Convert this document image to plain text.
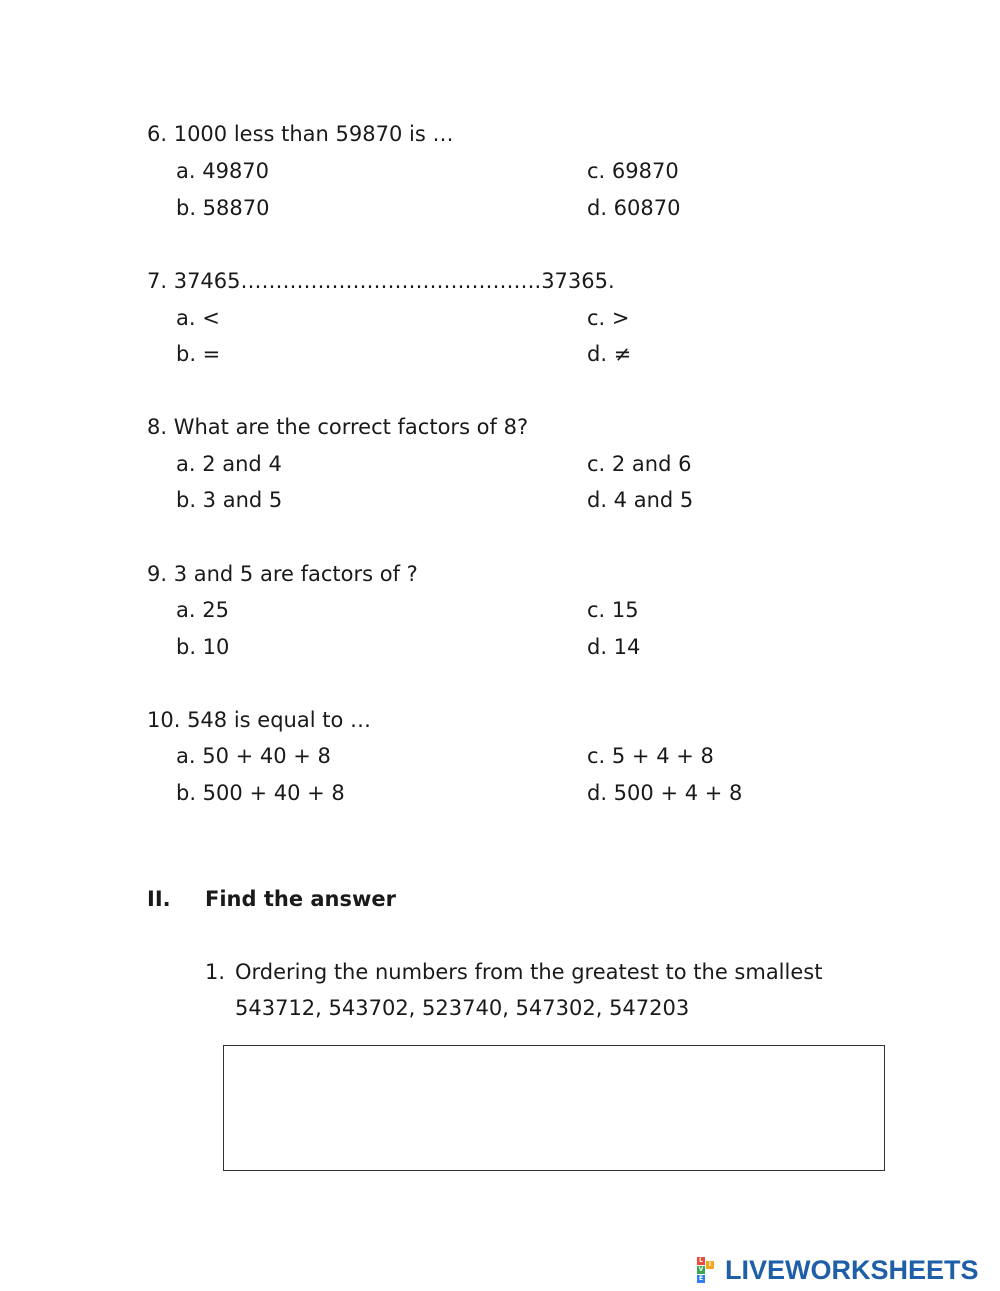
6. 1000 less than 59870 is …
a. 49870
b. 58870
c. 69870
d. 60870
7. 37465…………………………………….37365.
a. <
b. =
c. >
d. ≠
8. What are the correct factors of 8?
a. 2 and 4
b. 3 and 5
c. 2 and 6
d. 4 and 5
9. 3 and 5 are factors of ?
a. 25
b. 10
c. 15
d. 14
10. 548 is equal to …
a. 50 + 40 + 8
b. 500 + 40 + 8
c. 5 + 4 + 8
d. 500 + 4 + 8
II. Find the answer
1. Ordering the numbers from the greatest to the smallest
543712, 543702, 523740, 547302, 547203
L
I
V
E LIVEWORKSHEETS
